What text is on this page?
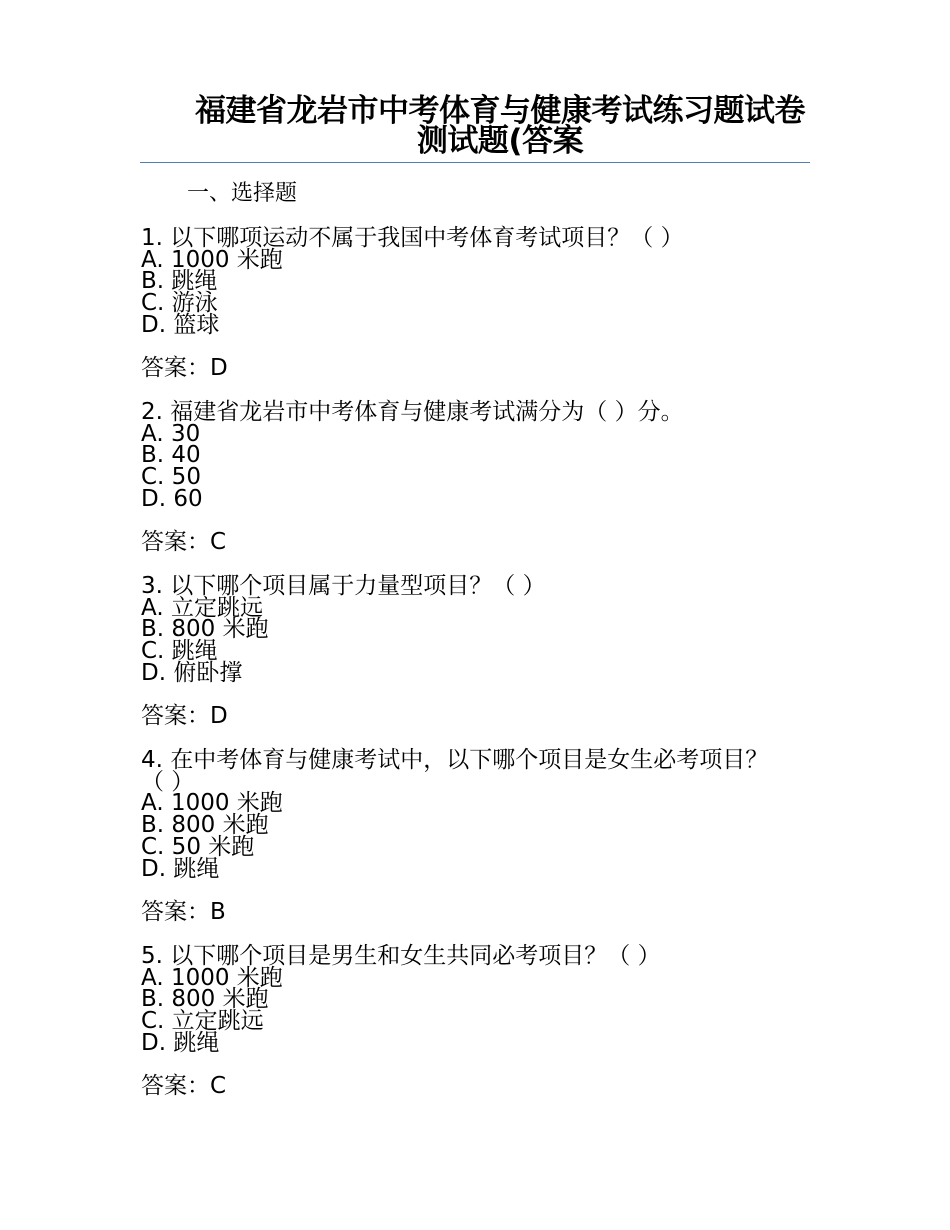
福建省龙岩市中考体育与健康考试练习题试卷测试题(答案

一、选择题

1. 以下哪项运动不属于我国中考体育考试项目？（ ）

A. 1000 米跑

B. 跳绳

C. 游泳

D. 篮球

答案：D

2. 福建省龙岩市中考体育与健康考试满分为（ ）分。

A. 30

B. 40

C. 50

D. 60

答案：C

3. 以下哪个项目属于力量型项目？（ ）

A. 立定跳远

B. 800 米跑

C. 跳绳

D. 俯卧撑

答案：D

4. 在中考体育与健康考试中，以下哪个项目是女生必考项目？（ ）

A. 1000 米跑

B. 800 米跑

C. 50 米跑

D. 跳绳

答案：B

5. 以下哪个项目是男生和女生共同必考项目？（ ）

A. 1000 米跑

B. 800 米跑

C. 立定跳远

D. 跳绳

答案：C
